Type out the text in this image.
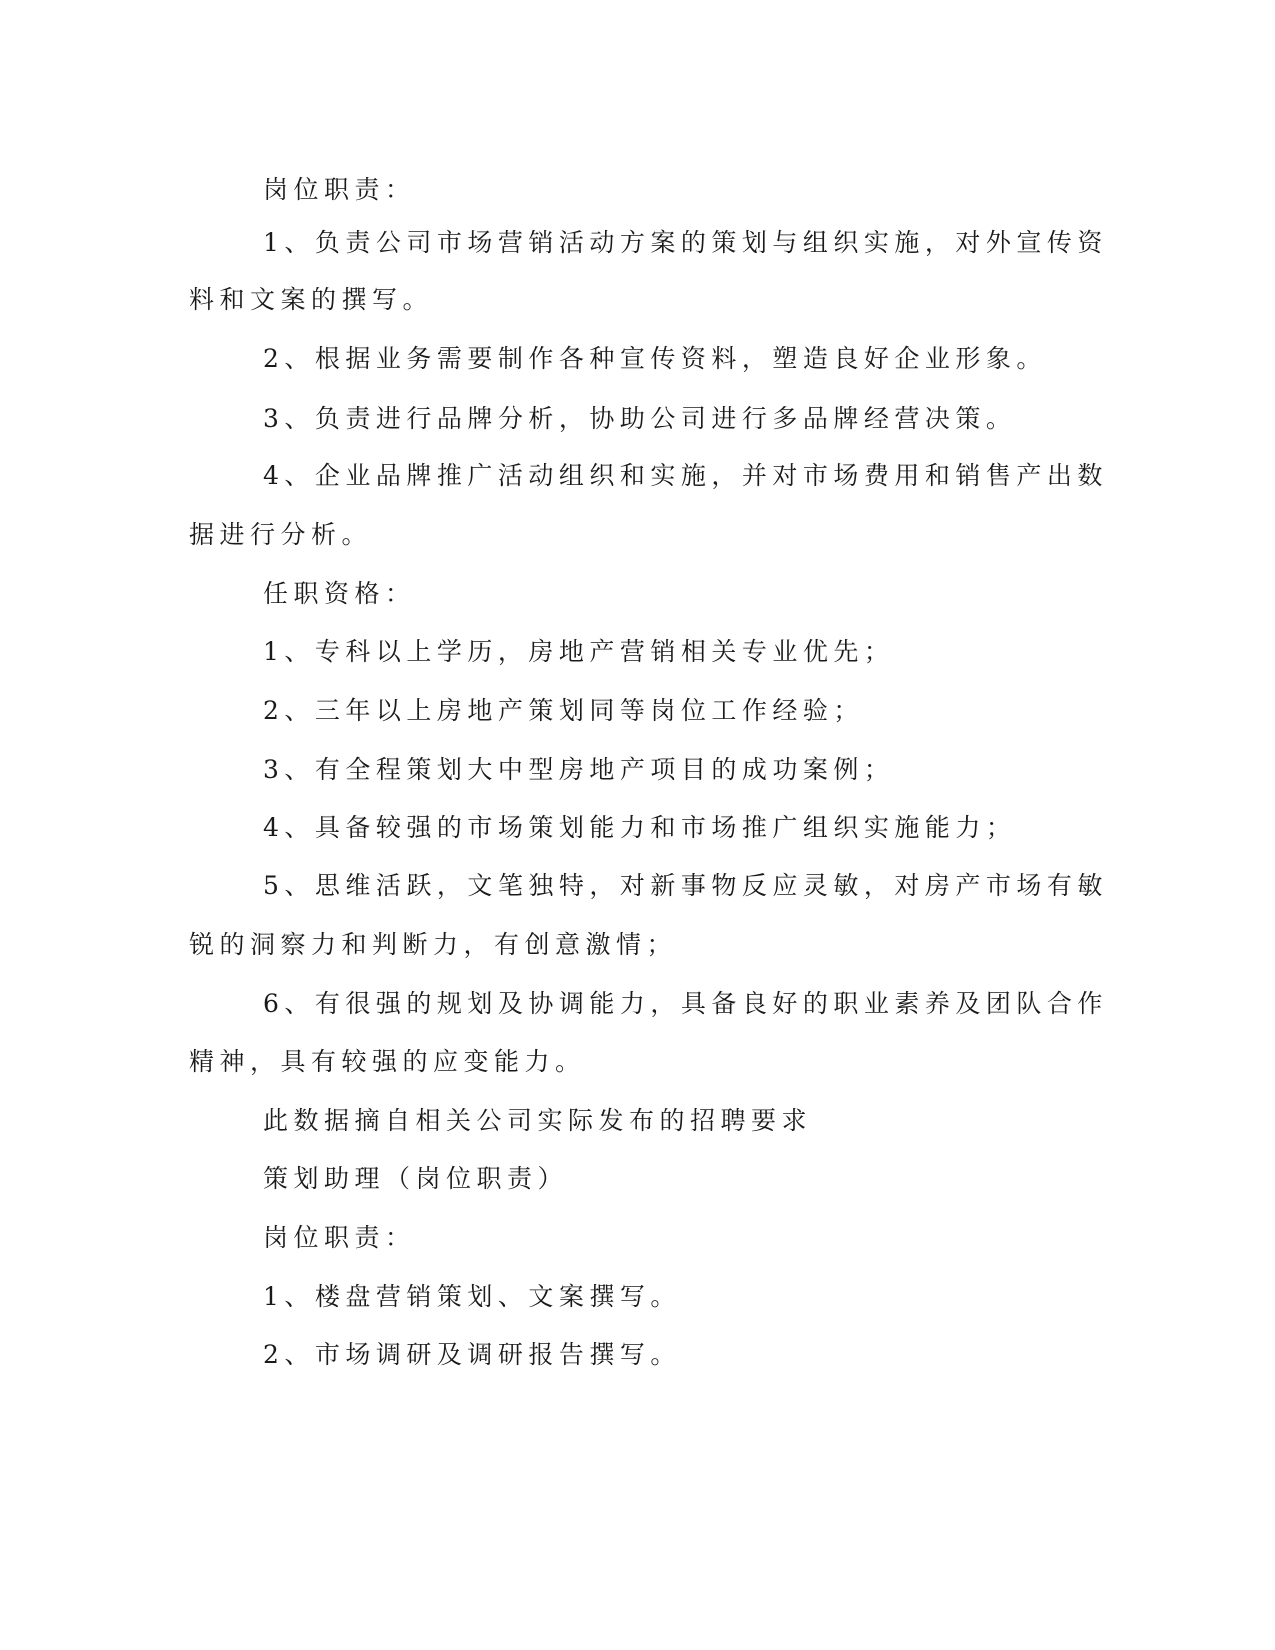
岗位职责：

1、负责公司市场营销活动方案的策划与组织实施，对外宣传资

料和文案的撰写。

2、根据业务需要制作各种宣传资料，塑造良好企业形象。

3、负责进行品牌分析，协助公司进行多品牌经营决策。

4、企业品牌推广活动组织和实施，并对市场费用和销售产出数

据进行分析。

任职资格：

1、专科以上学历，房地产营销相关专业优先；

2、三年以上房地产策划同等岗位工作经验；

3、有全程策划大中型房地产项目的成功案例；

4、具备较强的市场策划能力和市场推广组织实施能力；

5、思维活跃，文笔独特，对新事物反应灵敏，对房产市场有敏

锐的洞察力和判断力，有创意激情；

6、有很强的规划及协调能力，具备良好的职业素养及团队合作

精神，具有较强的应变能力。

此数据摘自相关公司实际发布的招聘要求

策划助理（岗位职责）

岗位职责：

1、楼盘营销策划、文案撰写。

2、市场调研及调研报告撰写。
